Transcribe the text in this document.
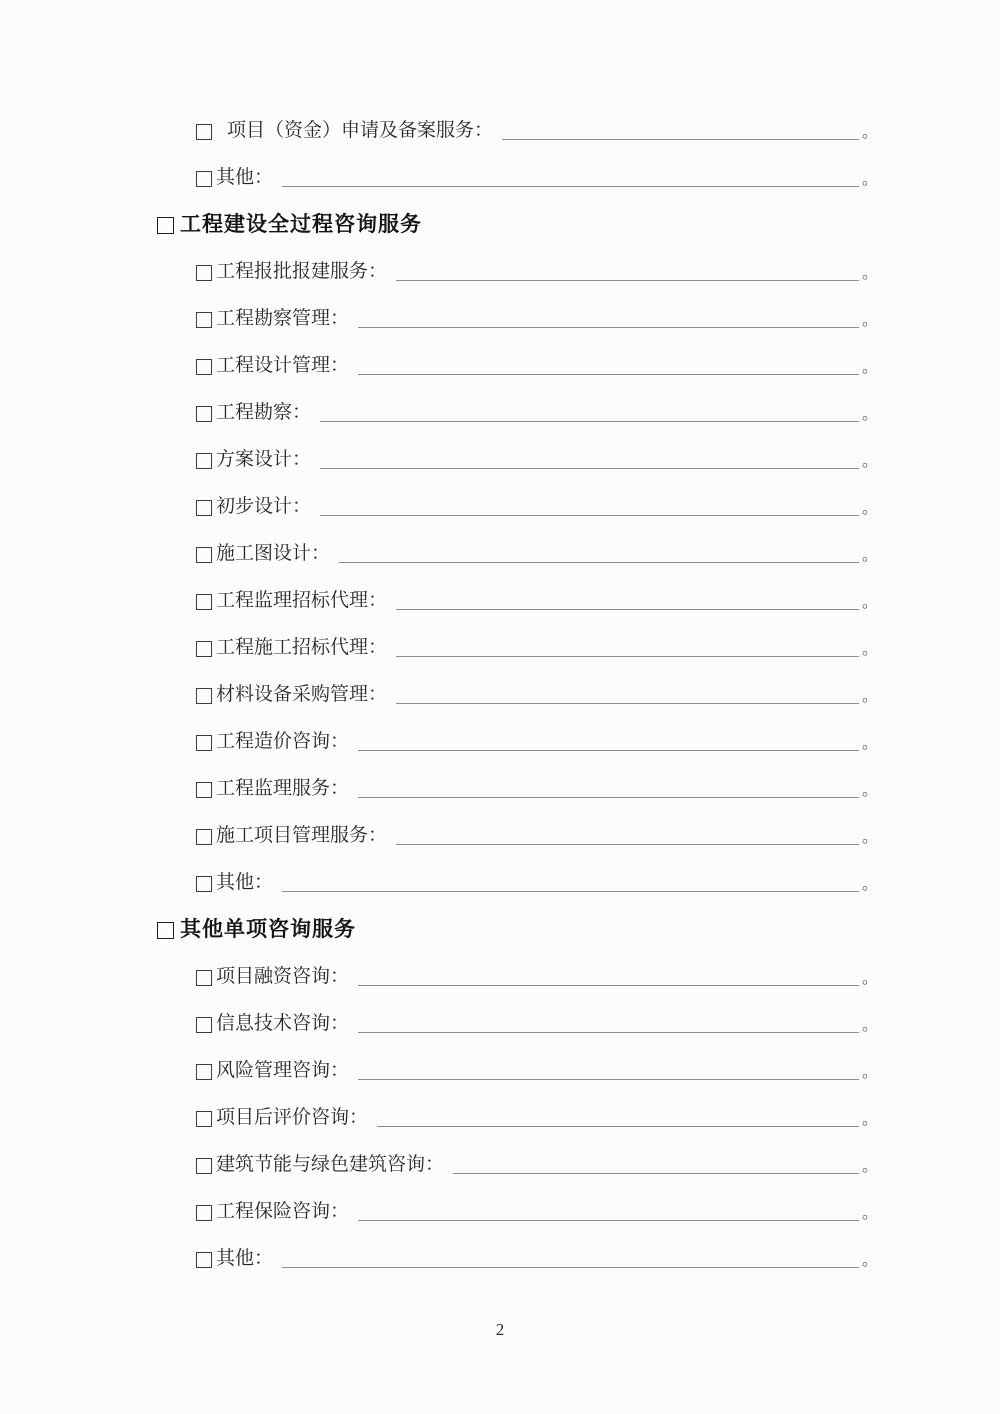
项目（资金）申请及备案服务：	。
其他：	。
工程建设全过程咨询服务
工程报批报建服务：	。
工程勘察管理：	。
工程设计管理：	。
工程勘察：	。
方案设计：	。
初步设计：	。
施工图设计：	。
工程监理招标代理：	。
工程施工招标代理：	。
材料设备采购管理：	。
工程造价咨询：	。
工程监理服务：	。
施工项目管理服务：	。
其他：	。
其他单项咨询服务
项目融资咨询：	。
信息技术咨询：	。
风险管理咨询：	。
项目后评价咨询：	。
建筑节能与绿色建筑咨询：	。
工程保险咨询：	。
其他：	。
2
